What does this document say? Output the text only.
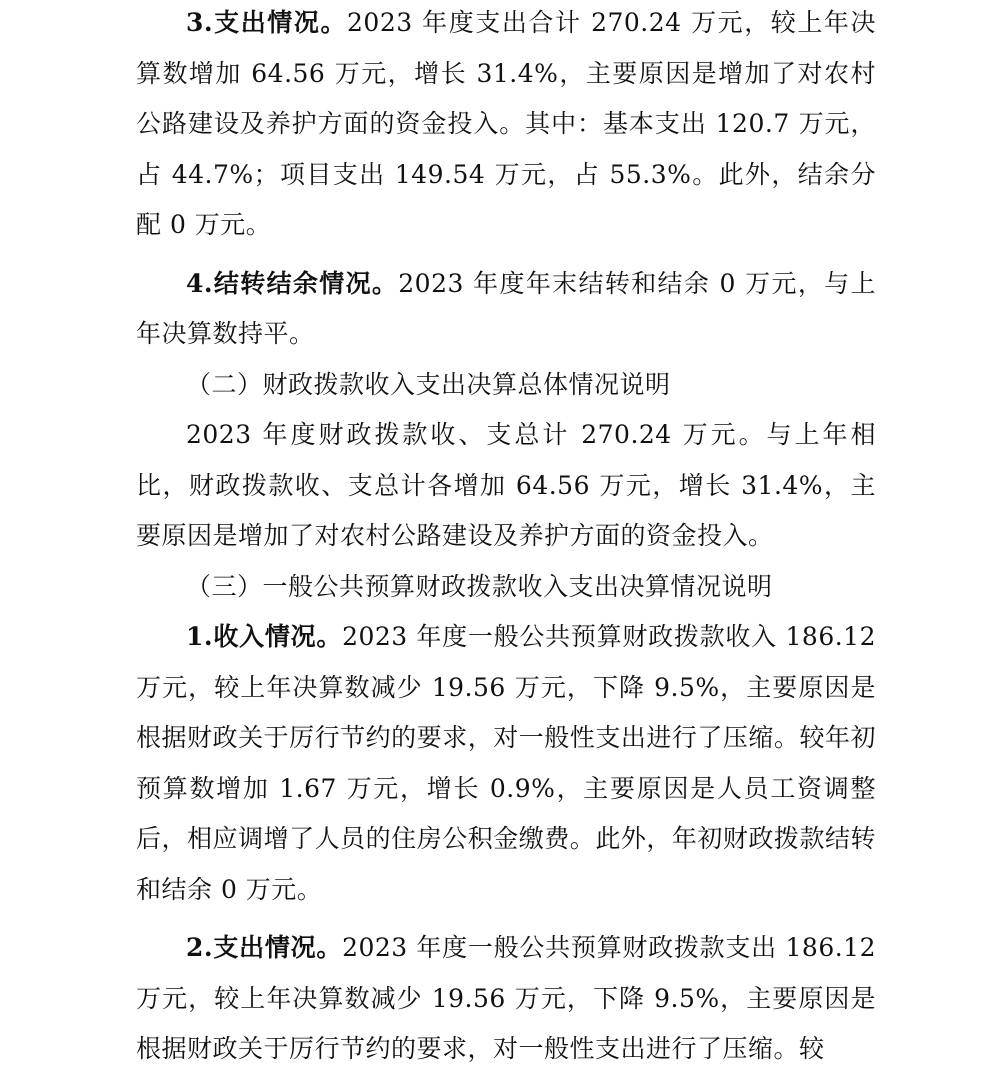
3.支出情况。2023 年度支出合计 270.24 万元，较上年决算数增加 64.56 万元，增长 31.4%，主要原因是增加了对农村公路建设及养护方面的资金投入。其中：基本支出 120.7 万元，占 44.7%；项目支出 149.54 万元，占 55.3%。此外，结余分配 0 万元。

4.结转结余情况。2023 年度年末结转和结余 0 万元，与上年决算数持平。

（二）财政拨款收入支出决算总体情况说明

2023 年度财政拨款收、支总计 270.24 万元。与上年相比，财政拨款收、支总计各增加 64.56 万元，增长 31.4%，主要原因是增加了对农村公路建设及养护方面的资金投入。

（三）一般公共预算财政拨款收入支出决算情况说明

1.收入情况。2023 年度一般公共预算财政拨款收入 186.12 万元，较上年决算数减少 19.56 万元，下降 9.5%，主要原因是根据财政关于厉行节约的要求，对一般性支出进行了压缩。较年初预算数增加 1.67 万元，增长 0.9%，主要原因是人员工资调整后，相应调增了人员的住房公积金缴费。此外，年初财政拨款结转和结余 0 万元。

2.支出情况。2023 年度一般公共预算财政拨款支出 186.12 万元，较上年决算数减少 19.56 万元，下降 9.5%，主要原因是根据财政关于厉行节约的要求，对一般性支出进行了压缩。较
